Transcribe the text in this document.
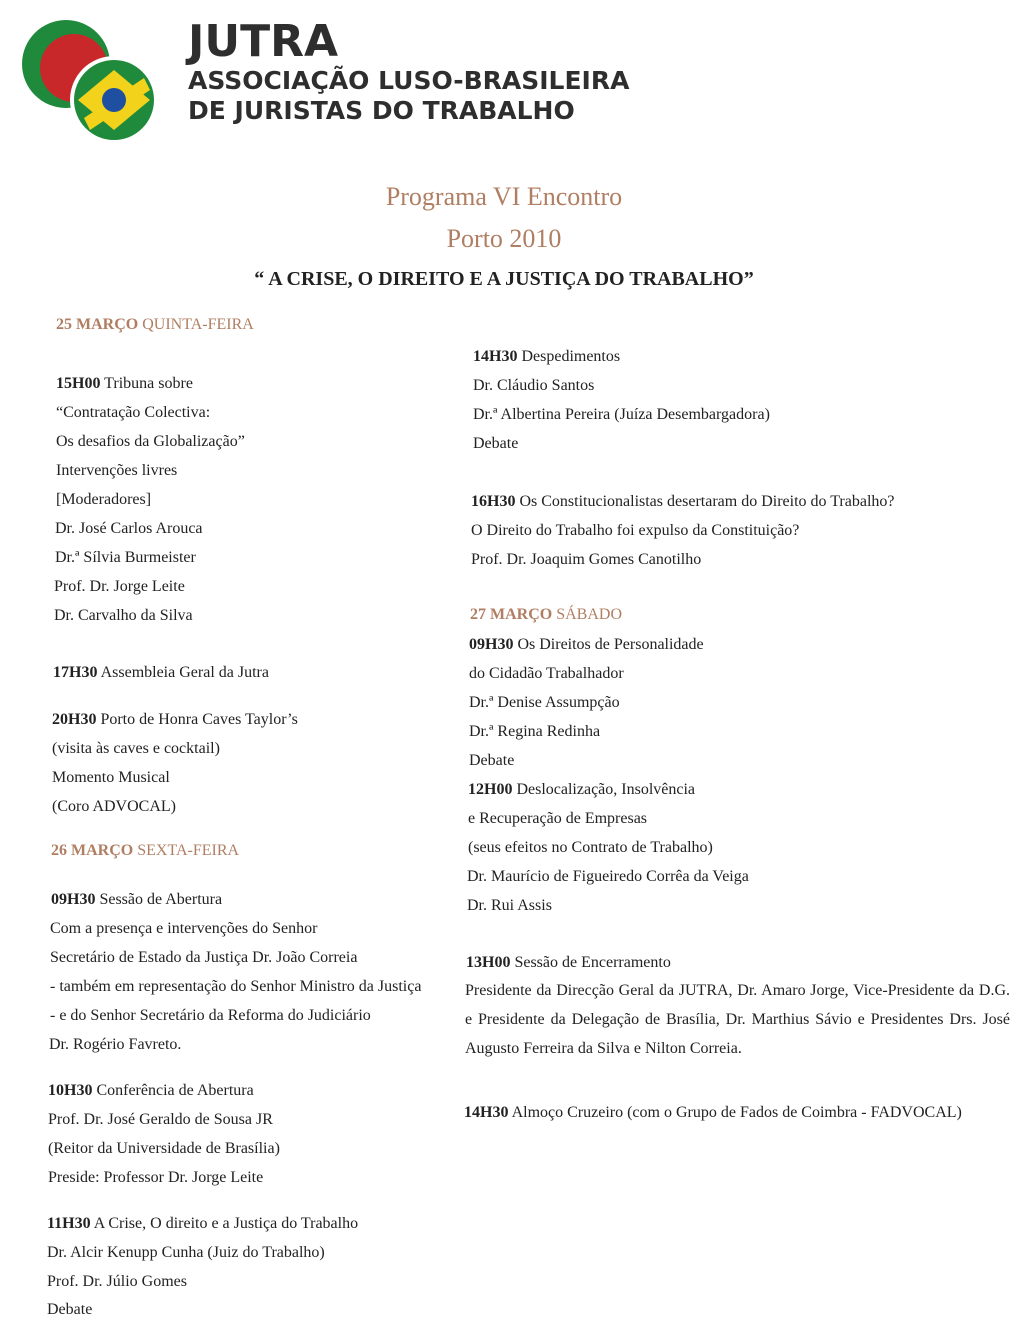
JUTRA
ASSOCIAÇÃO LUSO-BRASILEIRA
DE JURISTAS DO TRABALHO
Programa VI Encontro
Porto 2010
“ A CRISE, O DIREITO E A JUSTIÇA DO TRABALHO”
25 MARÇO QUINTA-FEIRA
15H00 Tribuna sobre
“Contratação Colectiva:
Os desafios da Globalização”
Intervenções livres
[Moderadores]
Dr. José Carlos Arouca
Dr.ª Sílvia Burmeister
Prof. Dr. Jorge Leite
Dr. Carvalho da Silva
17H30 Assembleia Geral da Jutra
20H30 Porto de Honra Caves Taylor’s
(visita às caves e cocktail)
Momento Musical
(Coro ADVOCAL)
26 MARÇO SEXTA-FEIRA
09H30 Sessão de Abertura
Com a presença e intervenções do Senhor
Secretário de Estado da Justiça Dr. João Correia
- também em representação do Senhor Ministro da Justiça
- e do Senhor Secretário da Reforma do Judiciário
Dr. Rogério Favreto.
10H30 Conferência de Abertura
Prof. Dr. José Geraldo de Sousa JR
(Reitor da Universidade de Brasília)
Preside: Professor Dr. Jorge Leite
11H30 A Crise, O direito e a Justiça do Trabalho
Dr. Alcir Kenupp Cunha (Juiz do Trabalho)
Prof. Dr. Júlio Gomes
Debate
14H30 Despedimentos
Dr. Cláudio Santos
Dr.ª Albertina Pereira (Juíza Desembargadora)
Debate
16H30 Os Constitucionalistas desertaram do Direito do Trabalho?
O Direito do Trabalho foi expulso da Constituição?
Prof. Dr. Joaquim Gomes Canotilho
27 MARÇO SÁBADO
09H30 Os Direitos de Personalidade
do Cidadão Trabalhador
Dr.ª Denise Assumpção
Dr.ª Regina Redinha
Debate
12H00 Deslocalização, Insolvência
e Recuperação de Empresas
(seus efeitos no Contrato de Trabalho)
Dr. Maurício de Figueiredo Corrêa da Veiga
Dr. Rui Assis
13H00 Sessão de Encerramento
Presidente da Direcção Geral da JUTRA, Dr. Amaro Jorge, Vice-Presidente da D.G. e Presidente da Delegação de Brasília, Dr. Marthius Sávio e Presidentes Drs. José Augusto Ferreira da Silva e Nilton Correia.
14H30 Almoço Cruzeiro (com o Grupo de Fados de Coimbra - FADVOCAL)
